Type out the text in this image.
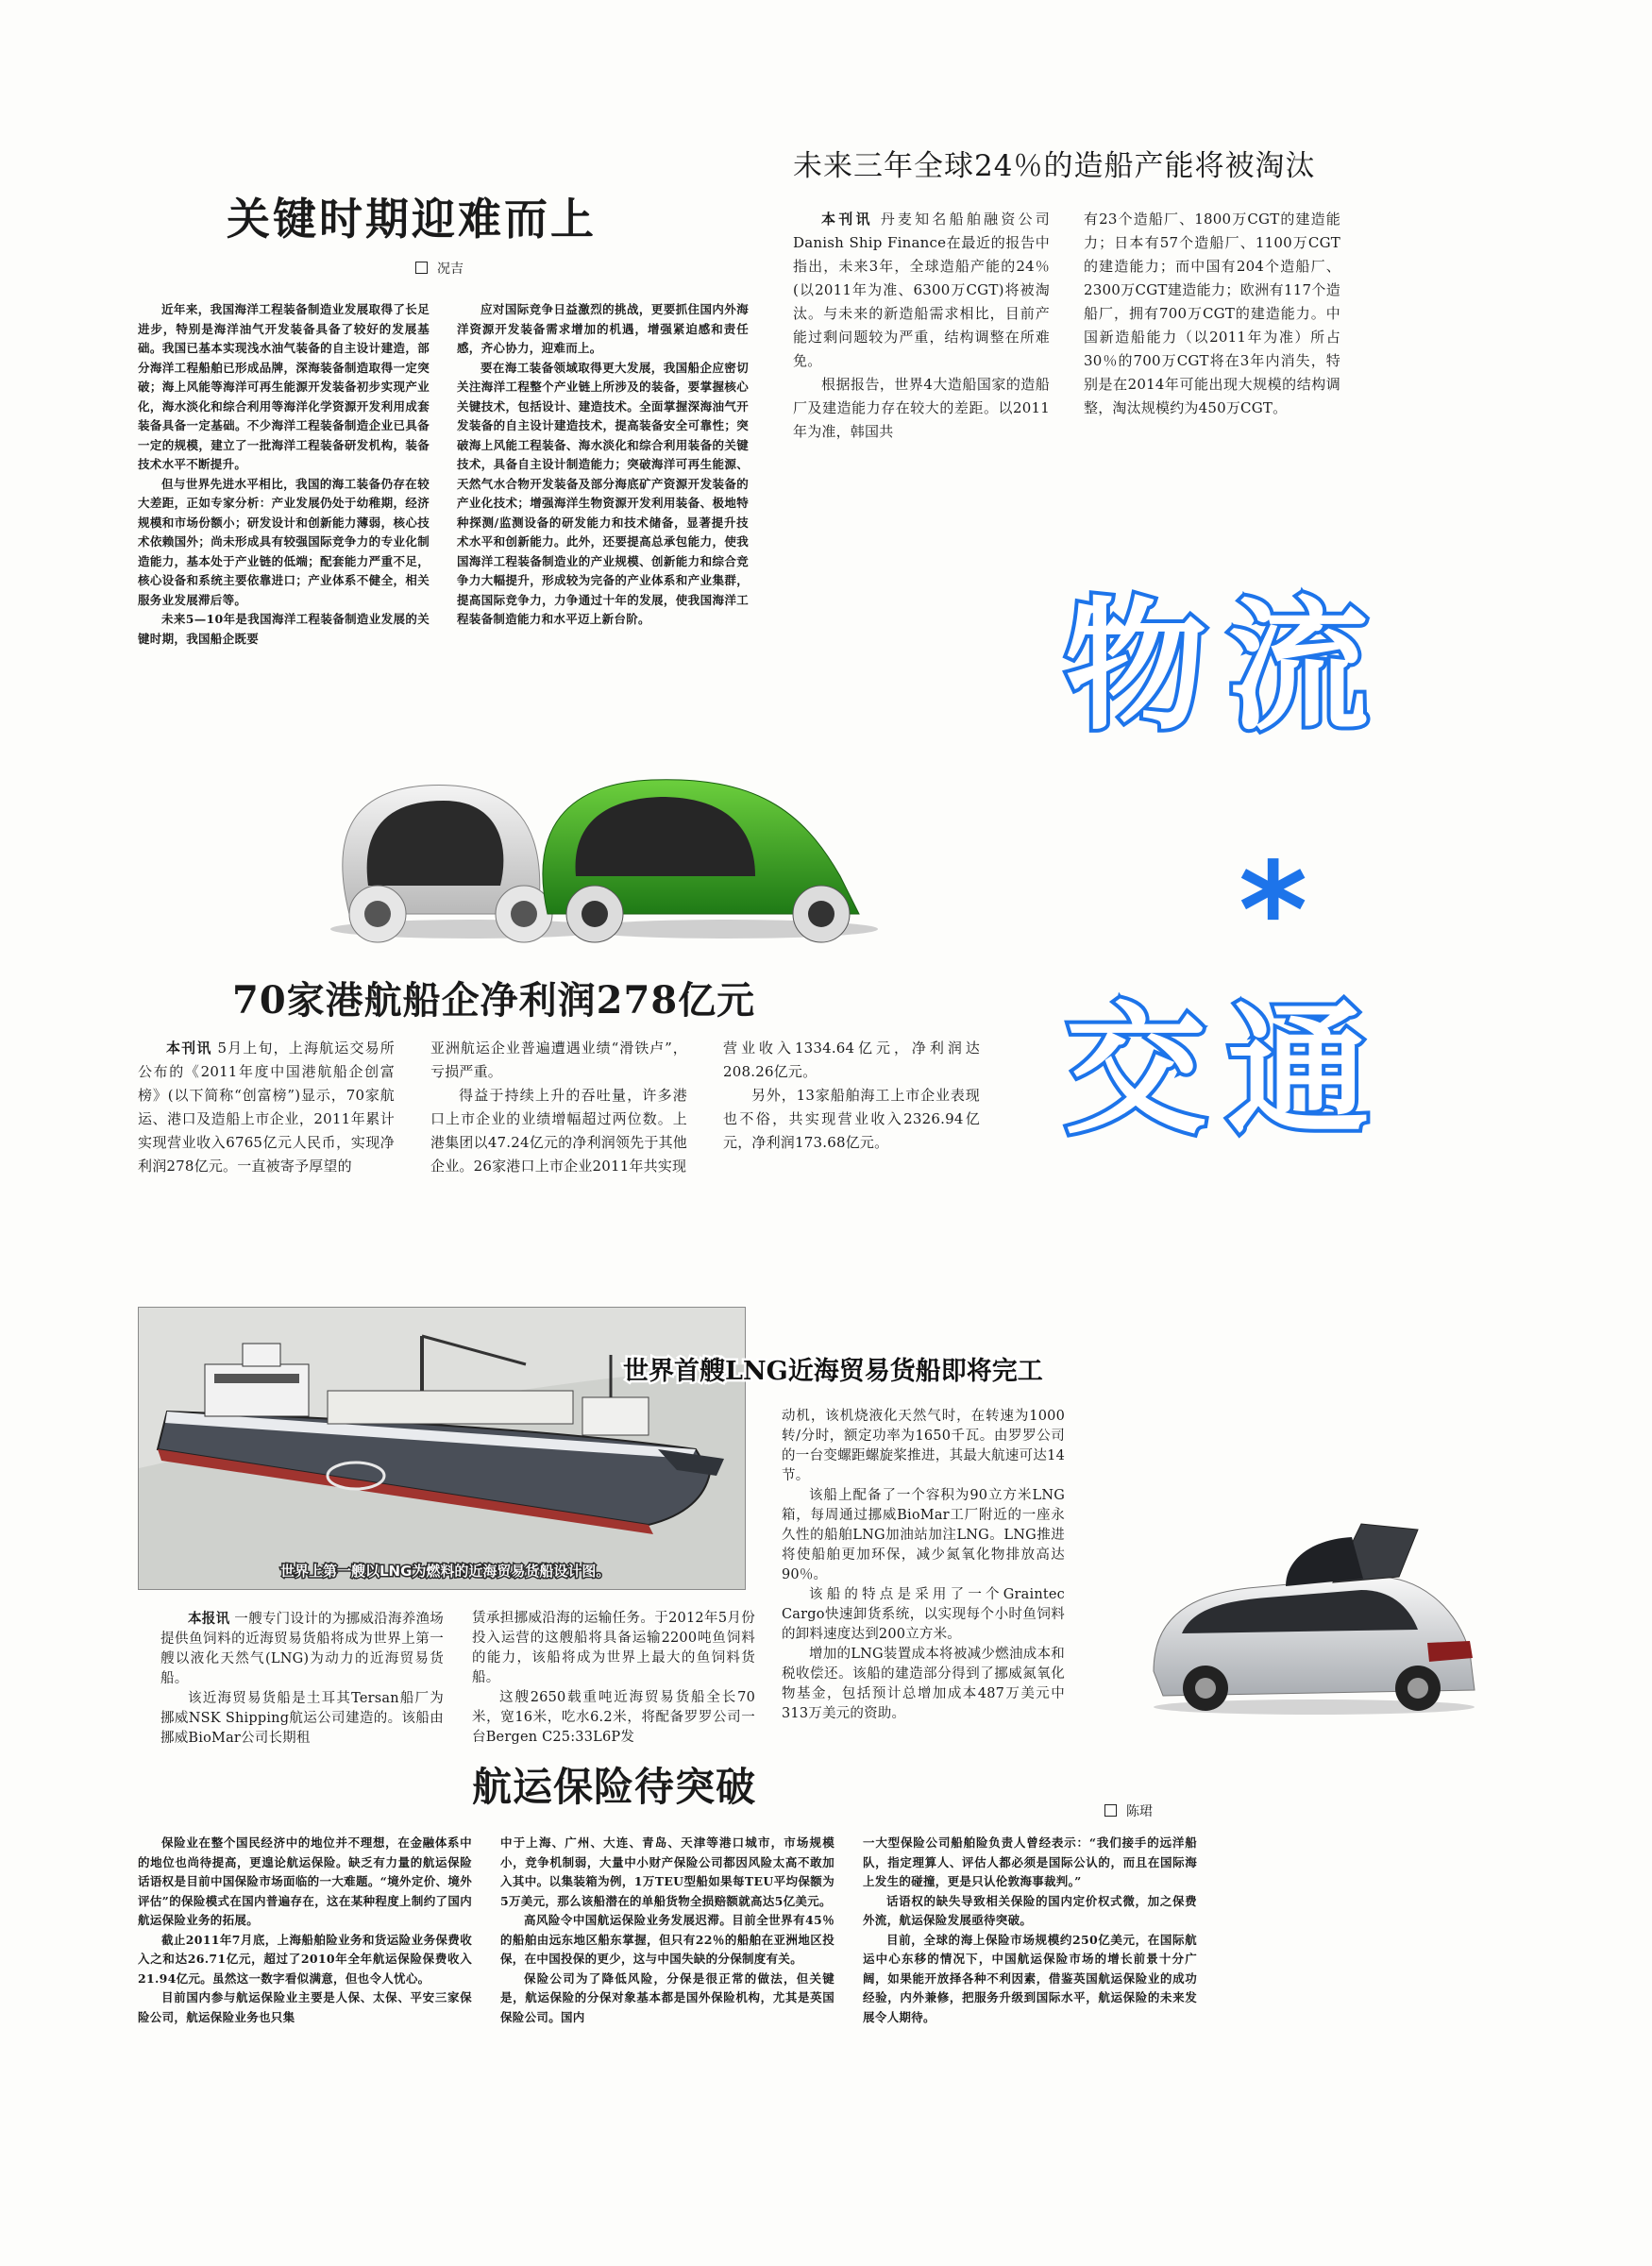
关键时期迎难而上
况吉

近年来，我国海洋工程装备制造业发展取得了长足进步，特别是海洋油气开发装备具备了较好的发展基础。我国已基本实现浅水油气装备的自主设计建造，部分海洋工程船舶已形成品牌，深海装备制造取得一定突破；海上风能等海洋可再生能源开发装备初步实现产业化，海水淡化和综合利用等海洋化学资源开发利用成套装备具备一定基础。不少海洋工程装备制造企业已具备一定的规模，建立了一批海洋工程装备研发机构，装备技术水平不断提升。

但与世界先进水平相比，我国的海工装备仍存在较大差距，正如专家分析：产业发展仍处于幼稚期，经济规模和市场份额小；研发设计和创新能力薄弱，核心技术依赖国外；尚未形成具有较强国际竞争力的专业化制造能力，基本处于产业链的低端；配套能力严重不足，核心设备和系统主要依靠进口；产业体系不健全，相关服务业发展滞后等。

未来5—10年是我国海洋工程装备制造业发展的关键时期，我国船企既要

应对国际竞争日益激烈的挑战，更要抓住国内外海洋资源开发装备需求增加的机遇，增强紧迫感和责任感，齐心协力，迎难而上。

要在海工装备领域取得更大发展，我国船企应密切关注海洋工程整个产业链上所涉及的装备，要掌握核心关键技术，包括设计、建造技术。全面掌握深海油气开发装备的自主设计建造技术，提高装备安全可靠性；突破海上风能工程装备、海水淡化和综合利用装备的关键技术，具备自主设计制造能力；突破海洋可再生能源、天然气水合物开发装备及部分海底矿产资源开发装备的产业化技术；增强海洋生物资源开发利用装备、极地特种探测/监测设备的研发能力和技术储备，显著提升技术水平和创新能力。此外，还要提高总承包能力，使我国海洋工程装备制造业的产业规模、创新能力和综合竞争力大幅提升，形成较为完备的产业体系和产业集群，提高国际竞争力，力争通过十年的发展，使我国海洋工程装备制造能力和水平迈上新台阶。

未来三年全球24％的造船产能将被淘汰

本刊讯 丹麦知名船舶融资公司Danish Ship Finance在最近的报告中指出，未来3年，全球造船产能的24％(以2011年为准、6300万CGT)将被淘汰。与未来的新造船需求相比，目前产能过剩问题较为严重，结构调整在所难免。

根据报告，世界4大造船国家的造船厂及建造能力存在较大的差距。以2011年为准，韩国共

有23个造船厂、1800万CGT的建造能力；日本有57个造船厂、1100万CGT的建造能力；而中国有204个造船厂、2300万CGT建造能力；欧洲有117个造船厂，拥有700万CGT的建造能力。中国新造船能力（以2011年为准）所占30％的700万CGT将在3年内消失，特别是在2014年可能出现大规模的结构调整，淘汰规模约为450万CGT。

物流
*
交通
70家港航船企净利润278亿元

本刊讯 5月上旬，上海航运交易所公布的《2011年度中国港航船企创富榜》(以下简称“创富榜”)显示，70家航运、港口及造船上市企业，2011年累计实现营业收入6765亿元人民币，实现净利润278亿元。一直被寄予厚望的

亚洲航运企业普遍遭遇业绩“滑铁卢”，亏损严重。

得益于持续上升的吞吐量，许多港口上市企业的业绩增幅超过两位数。上港集团以47.24亿元的净利润领先于其他企业。26家港口上市企业2011年共实现

营业收入1334.64亿元，净利润达208.26亿元。

另外，13家船舶海工上市企业表现也不俗，共实现营业收入2326.94亿元，净利润173.68亿元。

世界上第一艘以LNG为燃料的近海贸易货船设计图。
世界首艘LNG近海贸易货船即将完工

动机，该机烧液化天然气时，在转速为1000转/分时，额定功率为1650千瓦。由罗罗公司的一台变螺距螺旋桨推进，其最大航速可达14节。

该船上配备了一个容积为90立方米LNG箱，每周通过挪威BioMar工厂附近的一座永久性的船舶LNG加油站加注LNG。LNG推进将使船舶更加环保，减少氮氧化物排放高达90％。

该船的特点是采用了一个Graintec Cargo快速卸货系统，以实现每个小时鱼饲料的卸料速度达到200立方米。

增加的LNG装置成本将被减少燃油成本和税收偿还。该船的建造部分得到了挪威氮氧化物基金，包括预计总增加成本487万美元中313万美元的资助。

本报讯 一艘专门设计的为挪威沿海养渔场提供鱼饲料的近海贸易货船将成为世界上第一艘以液化天然气(LNG)为动力的近海贸易货船。

该近海贸易货船是土耳其Tersan船厂为挪威NSK Shipping航运公司建造的。该船由挪威BioMar公司长期租

赁承担挪威沿海的运输任务。于2012年5月份投入运营的这艘船将具备运输2200吨鱼饲料的能力，该船将成为世界上最大的鱼饲料货船。

这艘2650载重吨近海贸易货船全长70米，宽16米，吃水6.2米，将配备罗罗公司一台Bergen C25:33L6P发

航运保险待突破
陈珺

保险业在整个国民经济中的地位并不理想，在金融体系中的地位也尚待提高，更遑论航运保险。缺乏有力量的航运保险话语权是目前中国保险市场面临的一大难题。“境外定价、境外评估”的保险模式在国内普遍存在，这在某种程度上制约了国内航运保险业务的拓展。

截止2011年7月底，上海船舶险业务和货运险业务保费收入之和达26.71亿元，超过了2010年全年航运保险保费收入21.94亿元。虽然这一数字看似满意，但也令人忧心。

目前国内参与航运保险业主要是人保、太保、平安三家保险公司，航运保险业务也只集

中于上海、广州、大连、青岛、天津等港口城市，市场规模小，竞争机制弱，大量中小财产保险公司都因风险太高不敢加入其中。以集装箱为例，1万TEU型船如果每TEU平均保额为5万美元，那么该船潜在的单船货物全损赔额就高达5亿美元。

高风险令中国航运保险业务发展迟滞。目前全世界有45％的船舶由远东地区船东掌握，但只有22％的船舶在亚洲地区投保，在中国投保的更少，这与中国失缺的分保制度有关。

保险公司为了降低风险，分保是很正常的做法，但关键是，航运保险的分保对象基本都是国外保险机构，尤其是英国保险公司。国内

一大型保险公司船舶险负责人曾经表示：“我们接手的远洋船队，指定理算人、评估人都必须是国际公认的，而且在国际海上发生的碰撞，更是只认伦敦海事裁判。”

话语权的缺失导致相关保险的国内定价权式微，加之保费外流，航运保险发展亟待突破。

目前，全球的海上保险市场规模约250亿美元，在国际航运中心东移的情况下，中国航运保险市场的增长前景十分广阔，如果能开放择各种不利因素，借鉴英国航运保险业的成功经验，内外兼修，把服务升级到国际水平，航运保险的未来发展令人期待。
